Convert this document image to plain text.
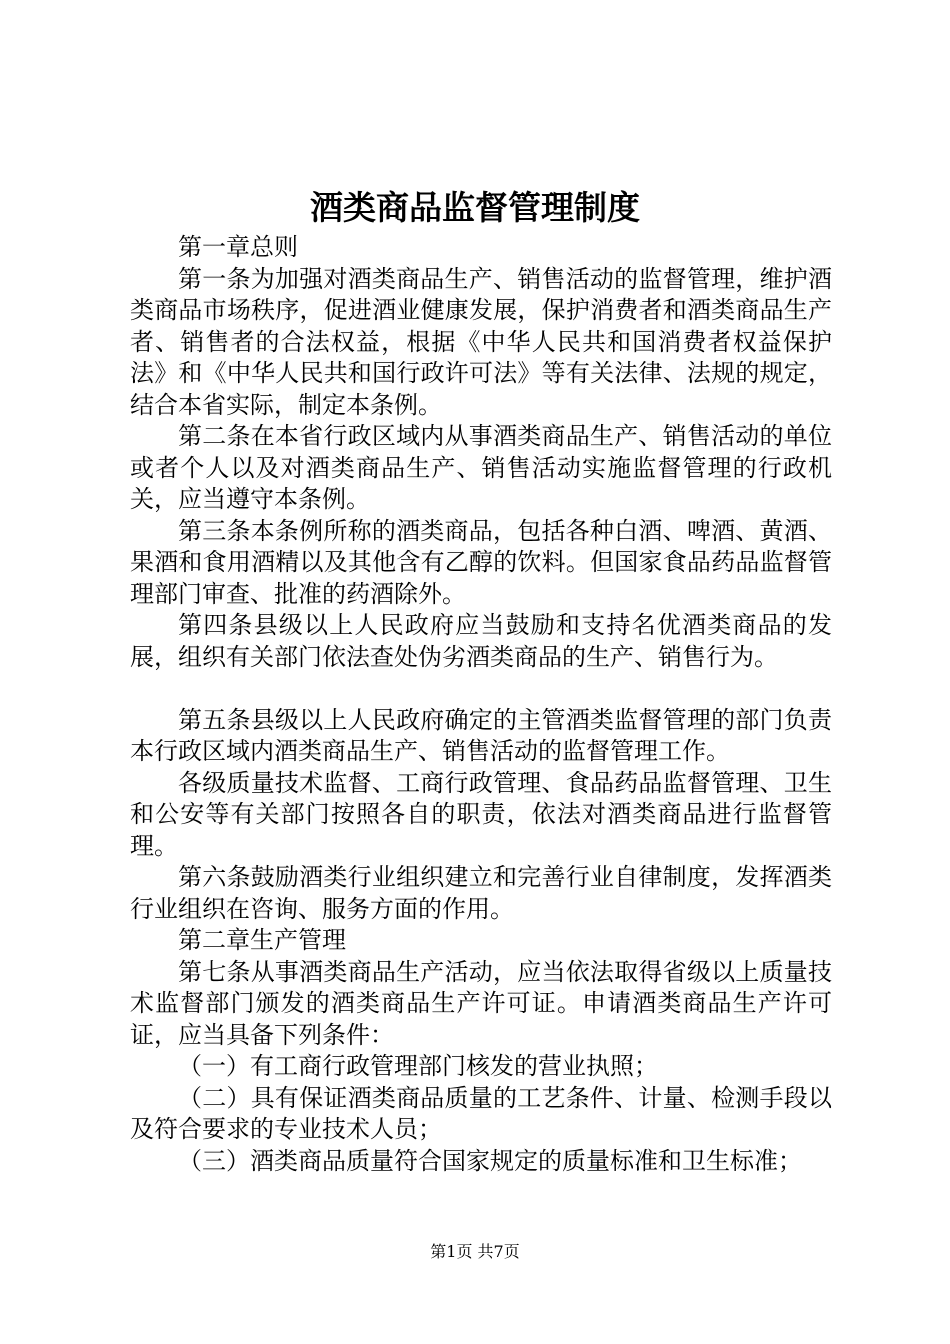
酒类商品监督管理制度

第一章总则

第一条为加强对酒类商品生产、销售活动的监督管理，维护酒类商品市场秩序，促进酒业健康发展，保护消费者和酒类商品生产者、销售者的合法权益，根据《中华人民共和国消费者权益保护法》和《中华人民共和国行政许可法》等有关法律、法规的规定，结合本省实际，制定本条例。

第二条在本省行政区域内从事酒类商品生产、销售活动的单位或者个人以及对酒类商品生产、销售活动实施监督管理的行政机关，应当遵守本条例。

第三条本条例所称的酒类商品，包括各种白酒、啤酒、黄酒、果酒和食用酒精以及其他含有乙醇的饮料。但国家食品药品监督管理部门审查、批准的药酒除外。

第四条县级以上人民政府应当鼓励和支持名优酒类商品的发展，组织有关部门依法查处伪劣酒类商品的生产、销售行为。

第五条县级以上人民政府确定的主管酒类监督管理的部门负责本行政区域内酒类商品生产、销售活动的监督管理工作。

各级质量技术监督、工商行政管理、食品药品监督管理、卫生和公安等有关部门按照各自的职责，依法对酒类商品进行监督管理。

第六条鼓励酒类行业组织建立和完善行业自律制度，发挥酒类行业组织在咨询、服务方面的作用。

第二章生产管理

第七条从事酒类商品生产活动，应当依法取得省级以上质量技术监督部门颁发的酒类商品生产许可证。申请酒类商品生产许可证，应当具备下列条件：

（一）有工商行政管理部门核发的营业执照；

（二）具有保证酒类商品质量的工艺条件、计量、检测手段以及符合要求的专业技术人员；

（三）酒类商品质量符合国家规定的质量标准和卫生标准；

第1页 共7页
